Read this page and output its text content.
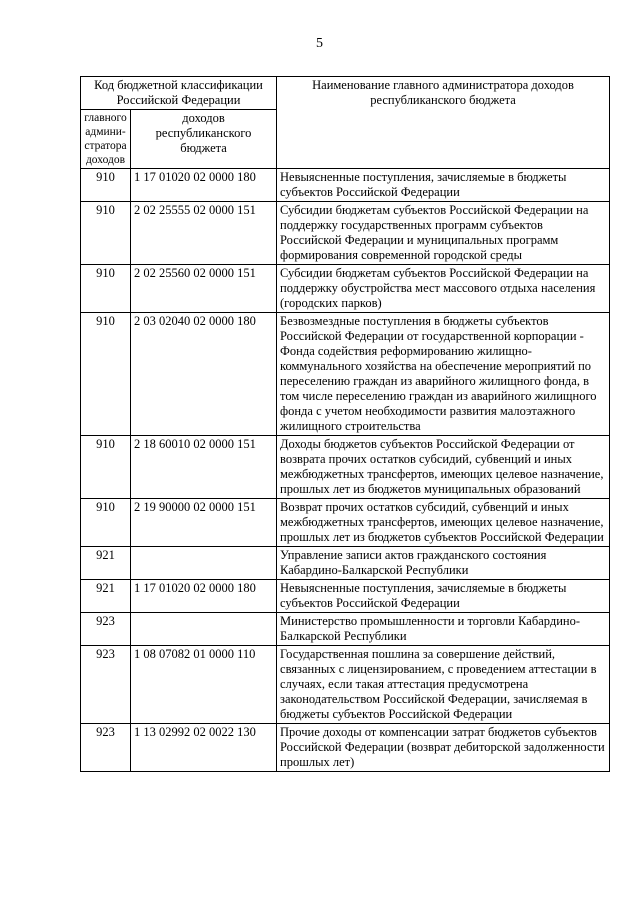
5
Код бюджетной классификации Российской Федерации		Наименование главного администратора доходов республиканского бюджета
главного админи-стратора доходов	доходов республиканского бюджета	
910	1 17 01020 02 0000 180	Невыясненные поступления, зачисляемые в бюджеты субъектов Российской Федерации
910	2 02 25555 02 0000 151	Субсидии бюджетам субъектов Российской Федерации на поддержку государственных программ субъектов Российской Федерации и муниципальных программ формирования современной городской среды
910	2 02 25560 02 0000 151	Субсидии бюджетам субъектов Российской Федерации на поддержку обустройства мест массового отдыха населения (городских парков)
910	2 03 02040 02 0000 180	Безвозмездные поступления в бюджеты субъектов Российской Федерации от государственной корпорации - Фонда содействия реформированию жилищно-коммунального хозяйства на обеспечение мероприятий по переселению граждан из аварийного жилищного фонда, в том числе переселению граждан из аварийного жилищного фонда с учетом необходимости развития малоэтажного жилищного строительства
910	2 18 60010 02 0000 151	Доходы бюджетов субъектов Российской Федерации от возврата прочих остатков субсидий, субвенций и иных межбюджетных трансфертов, имеющих целевое назначение, прошлых лет из бюджетов муниципальных образований
910	2 19 90000 02 0000 151	Возврат прочих остатков субсидий, субвенций и иных межбюджетных трансфертов, имеющих целевое назначение, прошлых лет из бюджетов субъектов Российской Федерации
921		Управление записи актов гражданского состояния Кабардино-Балкарской Республики
921	1 17 01020 02 0000 180	Невыясненные поступления, зачисляемые в бюджеты субъектов Российской Федерации
923		Министерство промышленности и торговли Кабардино-Балкарской Республики
923	1 08 07082 01 0000 110	Государственная пошлина за совершение действий, связанных с лицензированием, с проведением аттестации в случаях, если такая аттестация предусмотрена законодательством Российской Федерации, зачисляемая в бюджеты субъектов Российской Федерации
923	1 13 02992 02 0022 130	Прочие доходы от компенсации затрат бюджетов субъектов Российской Федерации (возврат дебиторской задолженности прошлых лет)
